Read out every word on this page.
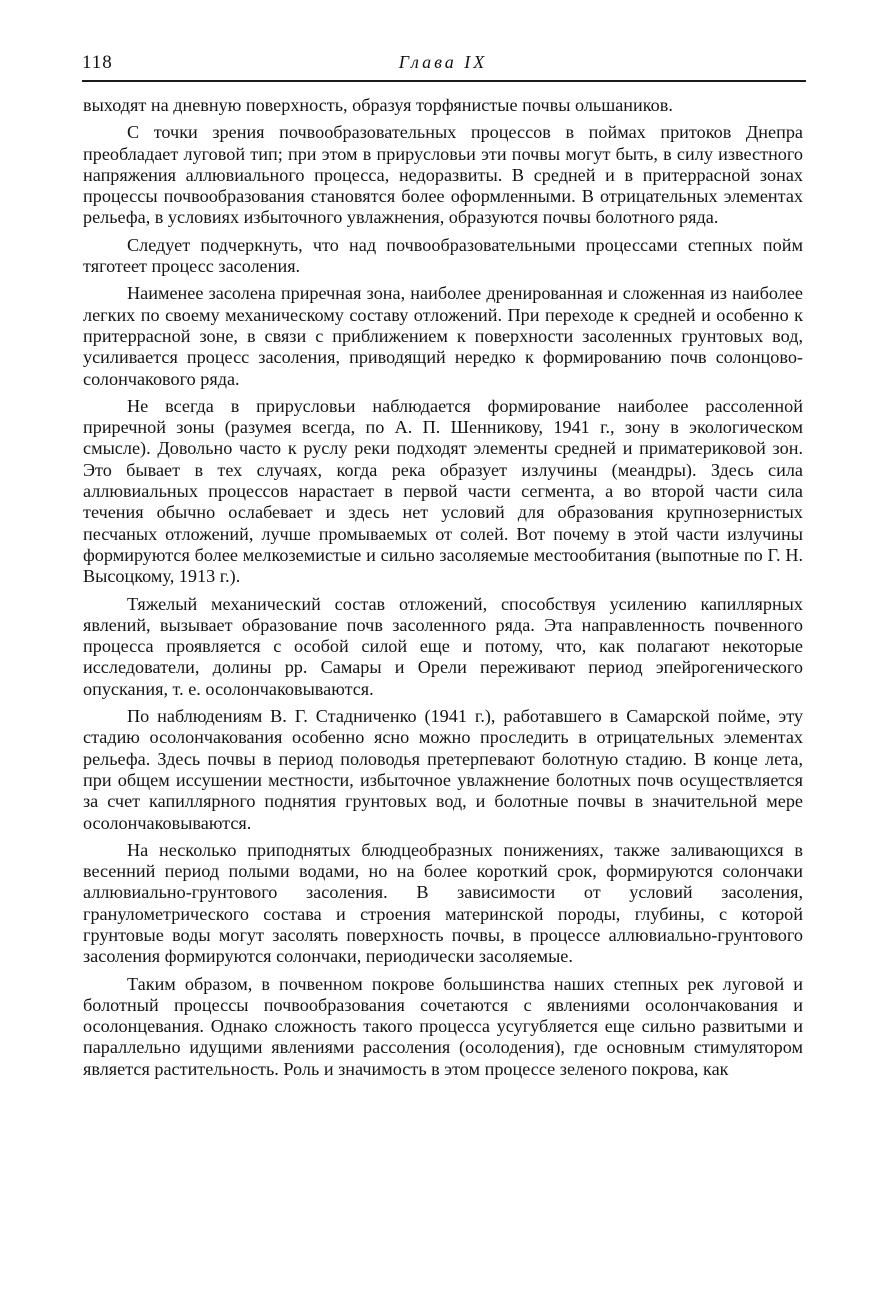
118	Глава IX

выходят на дневную поверхность, образуя торфянистые почвы ольшаников.

С точки зрения почвообразовательных процессов в поймах притоков Днепра преобладает луговой тип; при этом в прирусловьи эти почвы могут быть, в силу известного напряжения аллювиального процесса, недоразвиты. В средней и в притеррасной зонах процессы почвообразования становятся более оформленными. В отрицательных элементах рельефа, в условиях избыточного увлажнения, образуются почвы болотного ряда.

Следует подчеркнуть, что над почвообразовательными процессами степных пойм тяготеет процесс засоления.

Наименее засолена приречная зона, наиболее дренированная и сложенная из наиболее легких по своему механическому составу отложений. При переходе к средней и особенно к притеррасной зоне, в связи с приближением к поверхности засоленных грунтовых вод, усиливается процесс засоления, приводящий нередко к формированию почв солонцово-солончакового ряда.

Не всегда в прирусловьи наблюдается формирование наиболее рассоленной приречной зоны (разумея всегда, по А. П. Шенникову, 1941 г., зону в экологическом смысле). Довольно часто к руслу реки подходят элементы средней и приматериковой зон. Это бывает в тех случаях, когда река образует излучины (меандры). Здесь сила аллювиальных процессов нарастает в первой части сегмента, а во второй части сила течения обычно ослабевает и здесь нет условий для образования крупнозернистых песчаных отложений, лучше промываемых от солей. Вот почему в этой части излучины формируются более мелкоземистые и сильно засоляемые местообитания (выпотные по Г. Н. Высоцкому, 1913 г.).

Тяжелый механический состав отложений, способствуя усилению капиллярных явлений, вызывает образование почв засоленного ряда. Эта направленность почвенного процесса проявляется с особой силой еще и потому, что, как полагают некоторые исследователи, долины рр. Самары и Орели переживают период эпейрогенического опускания, т. е. осолончаковываются.

По наблюдениям В. Г. Стадниченко (1941 г.), работавшего в Самарской пойме, эту стадию осолончакования особенно ясно можно проследить в отрицательных элементах рельефа. Здесь почвы в период половодья претерпевают болотную стадию. В конце лета, при общем иссушении местности, избыточное увлажнение болотных почв осуществляется за счет капиллярного поднятия грунтовых вод, и болотные почвы в значительной мере осолончаковываются.

На несколько приподнятых блюдцеобразных понижениях, также заливающихся в весенний период полыми водами, но на более короткий срок, формируются солончаки аллювиально-грунтового засоления. В зависимости от условий засоления, гранулометрического состава и строения материнской породы, глубины, с которой грунтовые воды могут засолять поверхность почвы, в процессе аллювиально-грунтового засоления формируются солончаки, периодически засоляемые.

Таким образом, в почвенном покрове большинства наших степных рек луговой и болотный процессы почвообразования сочетаются с явлениями осолончакования и осолонцевания. Однако сложность такого процесса усугубляется еще сильно развитыми и параллельно идущими явлениями рассоления (осолодения), где основным стимулятором является растительность. Роль и значимость в этом процессе зеленого покрова, как
